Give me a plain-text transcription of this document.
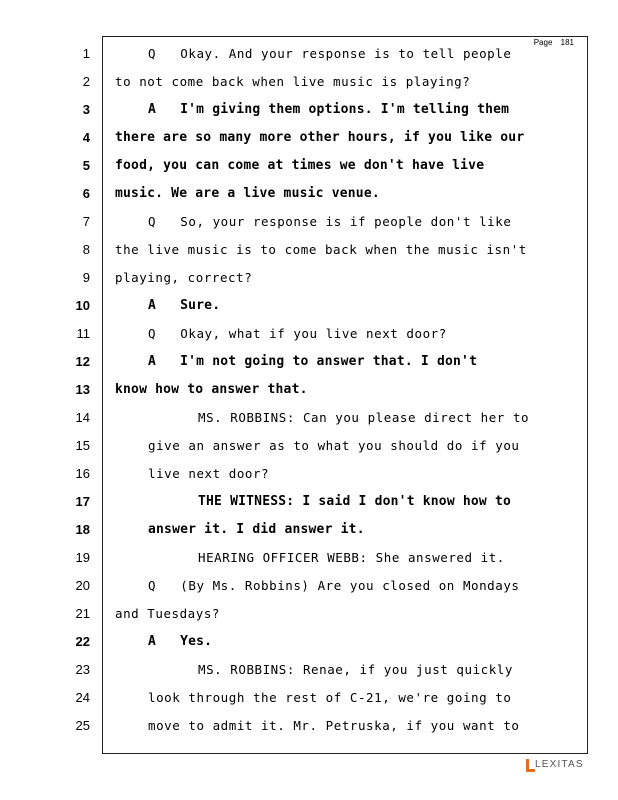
Page 181
1	Q   Okay. And your response is to tell people
2 to not come back when live music is playing?
3	A   I'm giving them options. I'm telling them
4 there are so many more other hours, if you like our
5 food, you can come at times we don't have live
6 music. We are a live music venue.
7	Q   So, your response is if people don't like
8 the live music is to come back when the music isn't
9 playing, correct?
10	A   Sure.
11	Q   Okay, what if you live next door?
12	A   I'm not going to answer that. I don't
13 know how to answer that.
14	MS. ROBBINS: Can you please direct her to
15	give an answer as to what you should do if you
16	live next door?
17	THE WITNESS: I said I don't know how to
18	answer it. I did answer it.
19	HEARING OFFICER WEBB: She answered it.
20	Q   (By Ms. Robbins) Are you closed on Mondays
21 and Tuesdays?
22	A   Yes.
23	MS. ROBBINS: Renae, if you just quickly
24	look through the rest of C-21, we're going to
25	move to admit it. Mr. Petruska, if you want to
LEXITAS
